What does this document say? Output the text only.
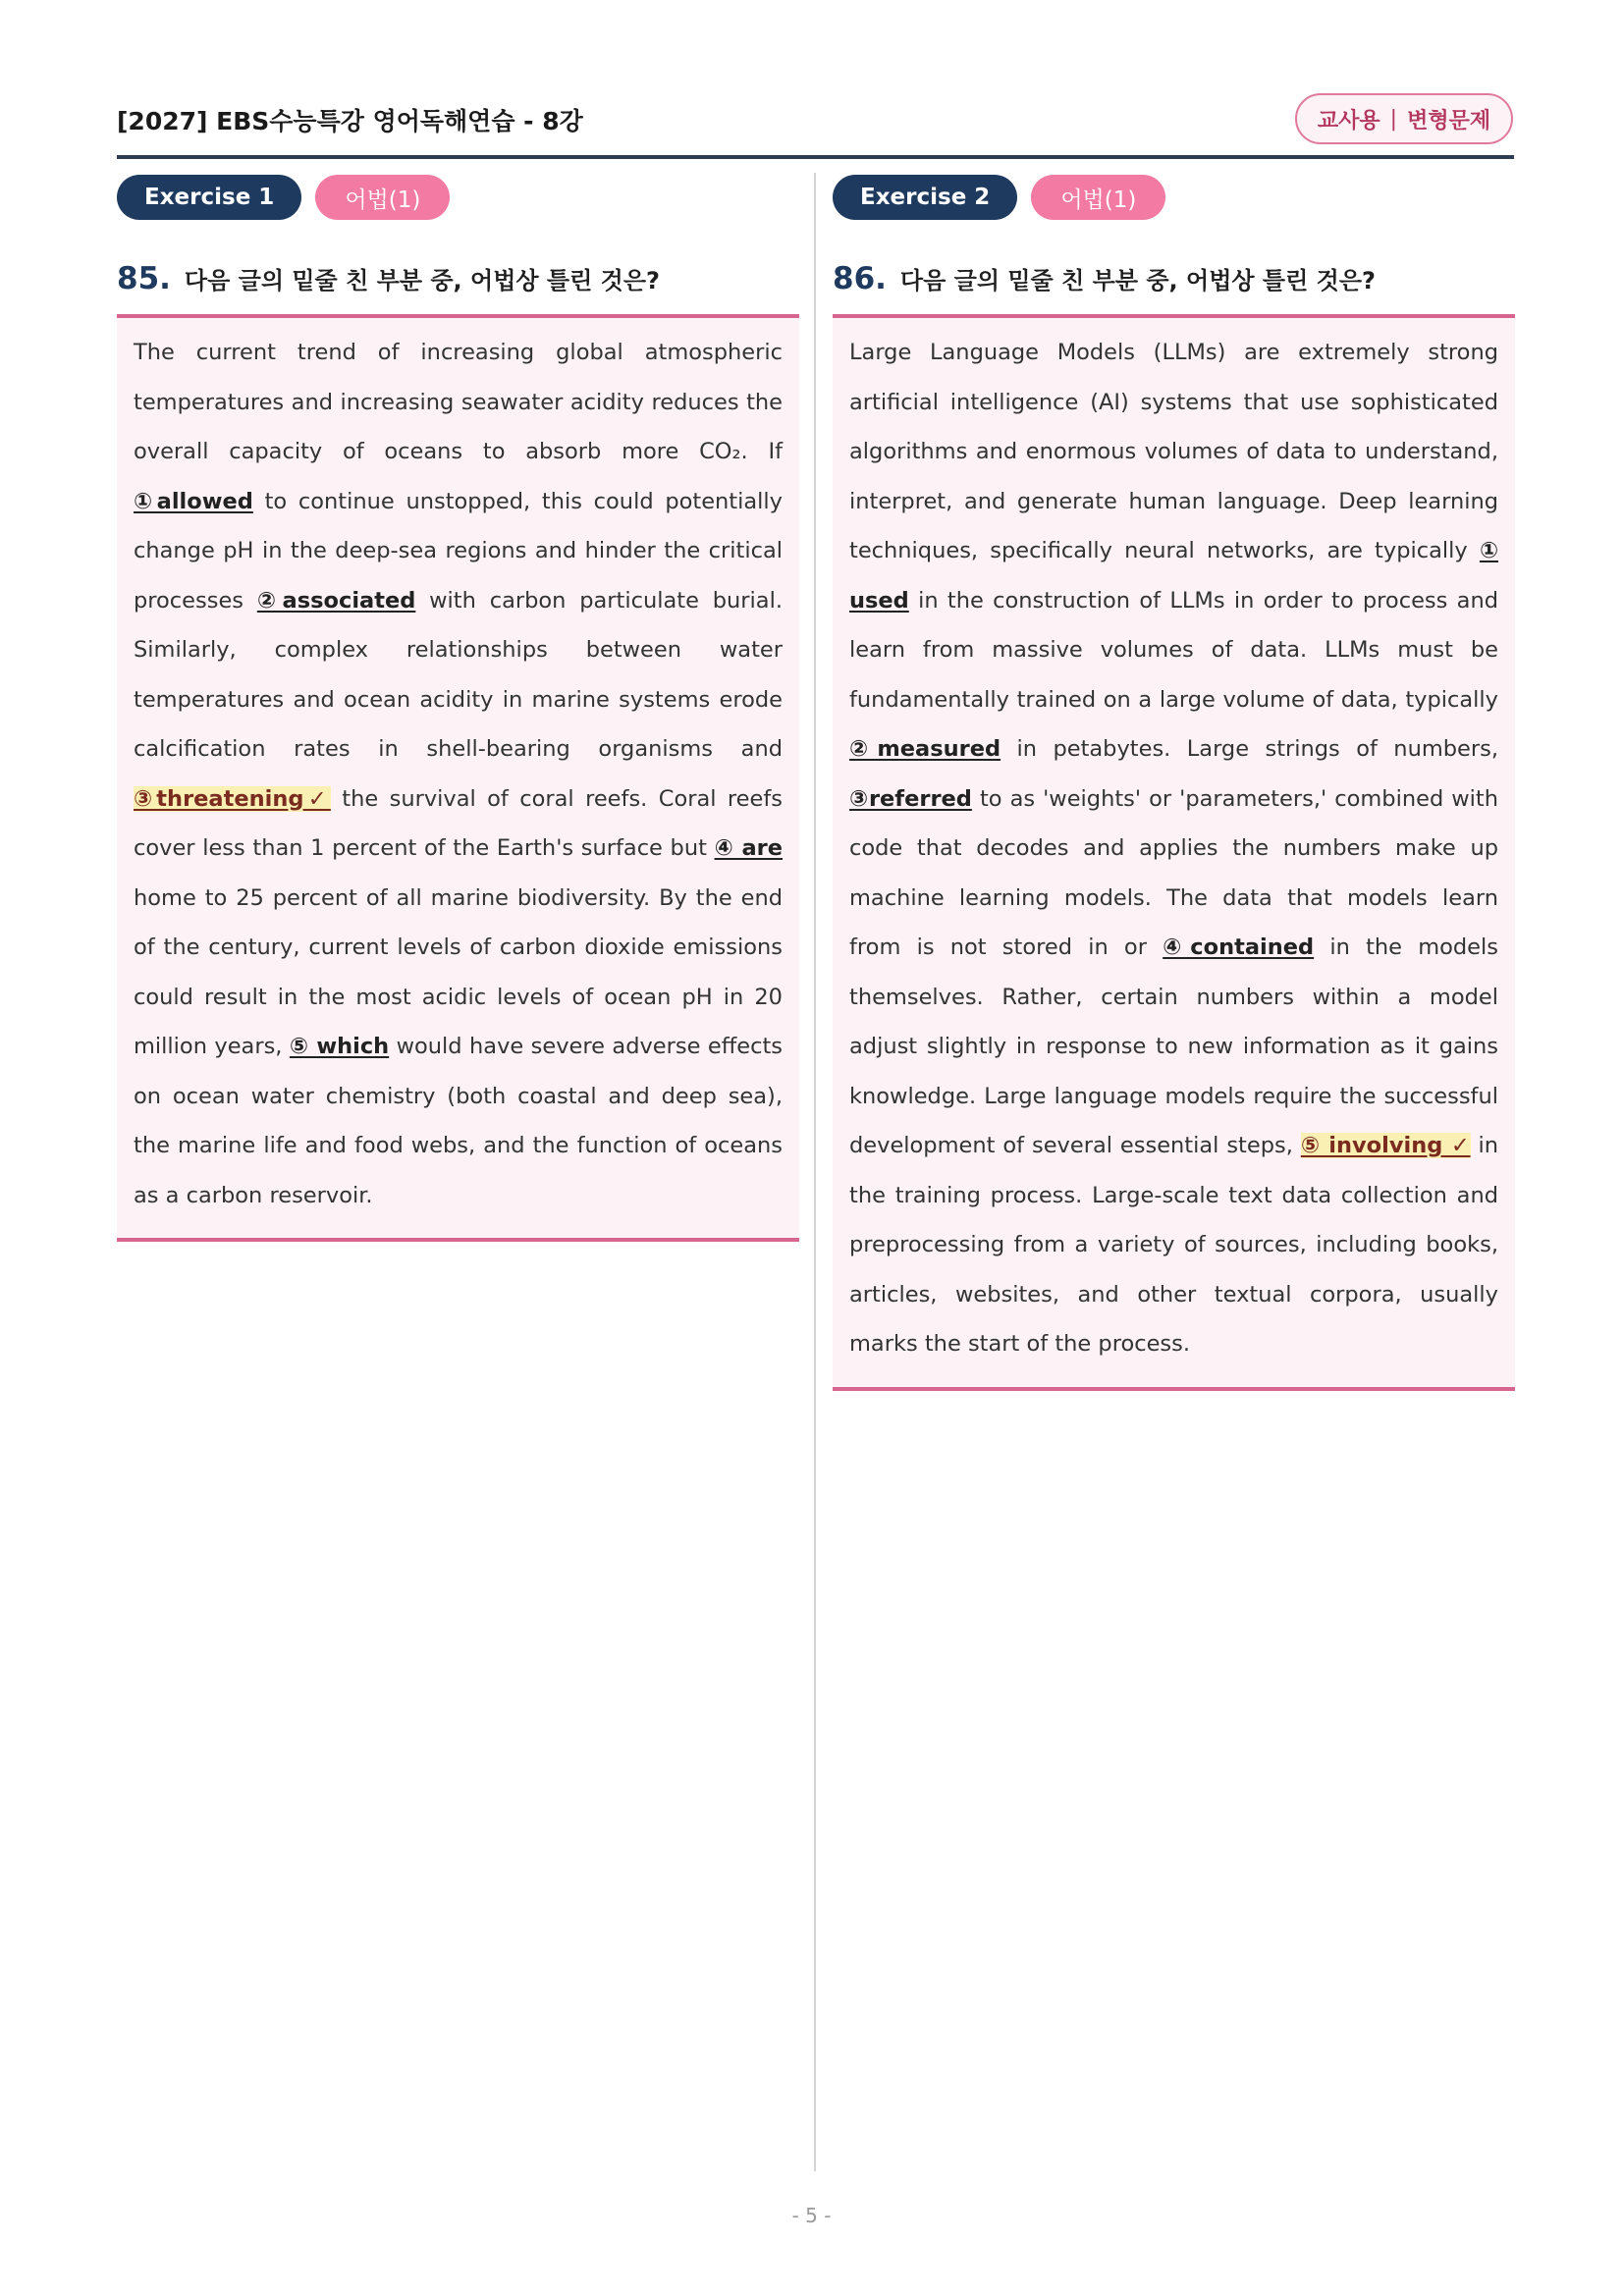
[2027] EBS수능특강 영어독해연습 - 8강	교사용 | 변형문제
Exercise 1	어법(1)
85. 다음 글의 밑줄 친 부분 중, 어법상 틀린 것은?
The current trend of increasing global atmospheric temperatures and increasing seawater acidity reduces the overall capacity of oceans to absorb more CO₂. If ①allowed to continue unstopped, this could potentially change pH in the deep-sea regions and hinder the critical processes ②associated with carbon particulate burial. Similarly, complex relationships between water temperatures and ocean acidity in marine systems erode calcification rates in shell-bearing organisms and ③threatening✓ the survival of coral reefs. Coral reefs cover less than 1 percent of the Earth's surface but ④ are home to 25 percent of all marine biodiversity. By the end of the century, current levels of carbon dioxide emissions could result in the most acidic levels of ocean pH in 20 million years, ⑤ which would have severe adverse effects on ocean water chemistry (both coastal and deep sea), the marine life and food webs, and the function of oceans as a carbon reservoir.
Exercise 2	어법(1)
86. 다음 글의 밑줄 친 부분 중, 어법상 틀린 것은?
Large Language Models (LLMs) are extremely strong artificial intelligence (AI) systems that use sophisticated algorithms and enormous volumes of data to understand, interpret, and generate human language. Deep learning techniques, specifically neural networks, are typically ① used in the construction of LLMs in order to process and learn from massive volumes of data. LLMs must be fundamentally trained on a large volume of data, typically ②measured in petabytes. Large strings of numbers, ③referred to as 'weights' or 'parameters,' combined with code that decodes and applies the numbers make up machine learning models. The data that models learn from is not stored in or ④contained in the models themselves. Rather, certain numbers within a model adjust slightly in response to new information as it gains knowledge. Large language models require the successful development of several essential steps, ⑤ involving ✓ in the training process. Large-scale text data collection and preprocessing from a variety of sources, including books, articles, websites, and other textual corpora, usually marks the start of the process.
- 5 -
